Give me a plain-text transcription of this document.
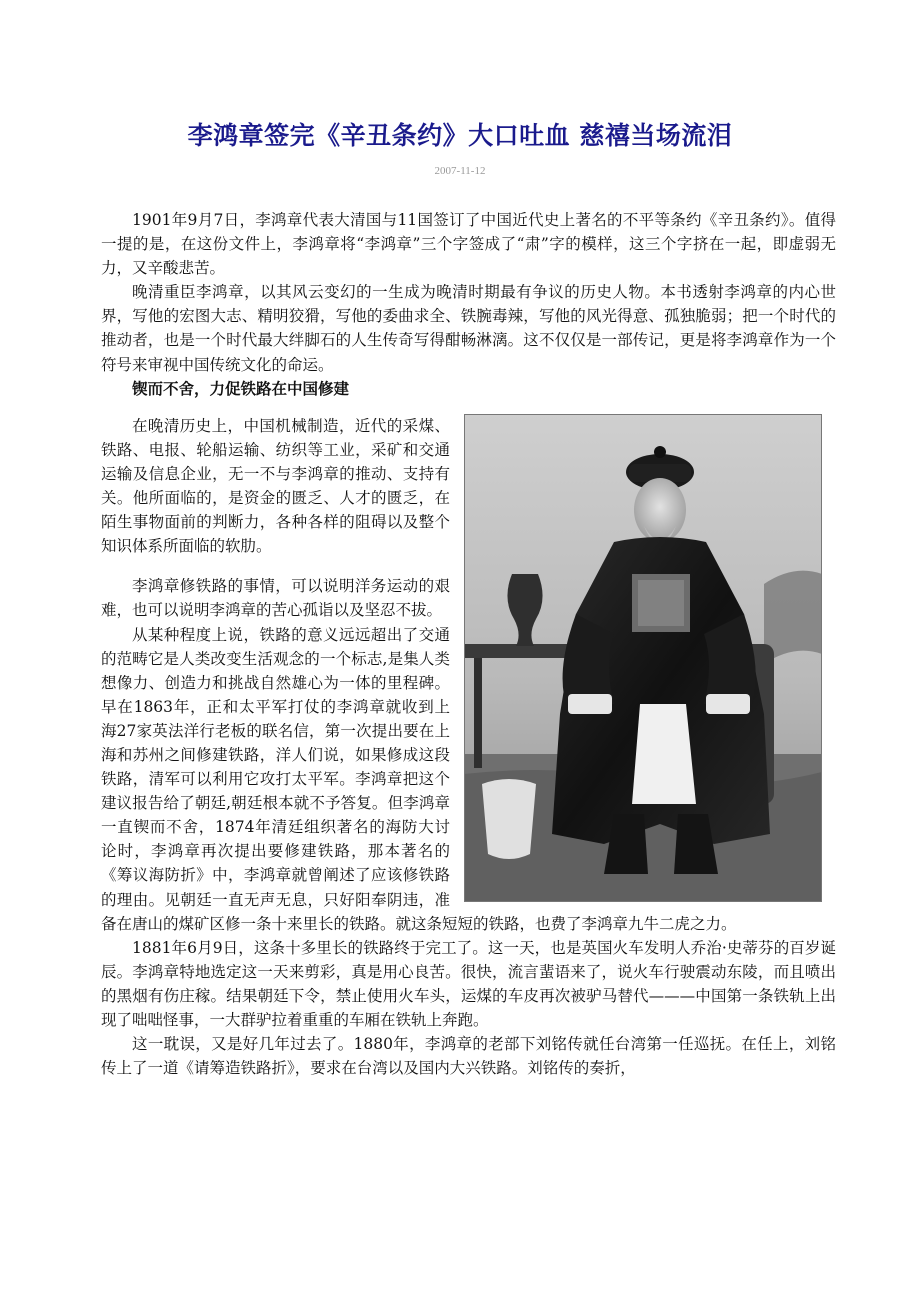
李鸿章签完《辛丑条约》大口吐血 慈禧当场流泪
2007-11-12

1901年9月7日，李鸿章代表大清国与11国签订了中国近代史上著名的不平等条约《辛丑条约》。值得一提的是，在这份文件上，李鸿章将“李鸿章”三个字签成了“肃”字的模样，这三个字挤在一起，即虚弱无力，又辛酸悲苦。

晚清重臣李鸿章，以其风云变幻的一生成为晚清时期最有争议的历史人物。本书透射李鸿章的内心世界，写他的宏图大志、精明狡猾，写他的委曲求全、铁腕毒辣，写他的风光得意、孤独脆弱；把一个时代的推动者，也是一个时代最大绊脚石的人生传奇写得酣畅淋漓。这不仅仅是一部传记，更是将李鸿章作为一个符号来审视中国传统文化的命运。

锲而不舍，力促铁路在中国修建

在晚清历史上，中国机械制造，近代的采煤、铁路、电报、轮船运输、纺织等工业，采矿和交通运输及信息企业，无一不与李鸿章的推动、支持有关。他所面临的，是资金的匮乏、人才的匮乏，在陌生事物面前的判断力，各种各样的阻碍以及整个知识体系所面临的软肋。

李鸿章修铁路的事情，可以说明洋务运动的艰难，也可以说明李鸿章的苦心孤诣以及坚忍不拔。

从某种程度上说，铁路的意义远远超出了交通的范畴它是人类改变生活观念的一个标志,是集人类想像力、创造力和挑战自然雄心为一体的里程碑。早在1863年，正和太平军打仗的李鸿章就收到上海27家英法洋行老板的联名信，第一次提出要在上海和苏州之间修建铁路，洋人们说，如果修成这段铁路，清军可以利用它攻打太平军。李鸿章把这个建议报告给了朝廷,朝廷根本就不予答复。但李鸿章一直锲而不舍，1874年清廷组织著名的海防大讨论时，李鸿章再次提出要修建铁路，那本著名的《筹议海防折》中，李鸿章就曾阐述了应该修铁路的理由。见朝廷一直无声无息，只好阳奉阴违，准备在唐山的煤矿区修一条十来里长的铁路。就这条短短的铁路，也费了李鸿章九牛二虎之力。

1881年6月9日，这条十多里长的铁路终于完工了。这一天，也是英国火车发明人乔治·史蒂芬的百岁诞辰。李鸿章特地选定这一天来剪彩，真是用心良苦。很快，流言蜚语来了，说火车行驶震动东陵，而且喷出的黑烟有伤庄稼。结果朝廷下令，禁止使用火车头，运煤的车皮再次被驴马替代———中国第一条铁轨上出现了咄咄怪事，一大群驴拉着重重的车厢在铁轨上奔跑。

这一耽误，又是好几年过去了。1880年，李鸿章的老部下刘铭传就任台湾第一任巡抚。在任上，刘铭传上了一道《请筹造铁路折》，要求在台湾以及国内大兴铁路。刘铭传的奏折，
